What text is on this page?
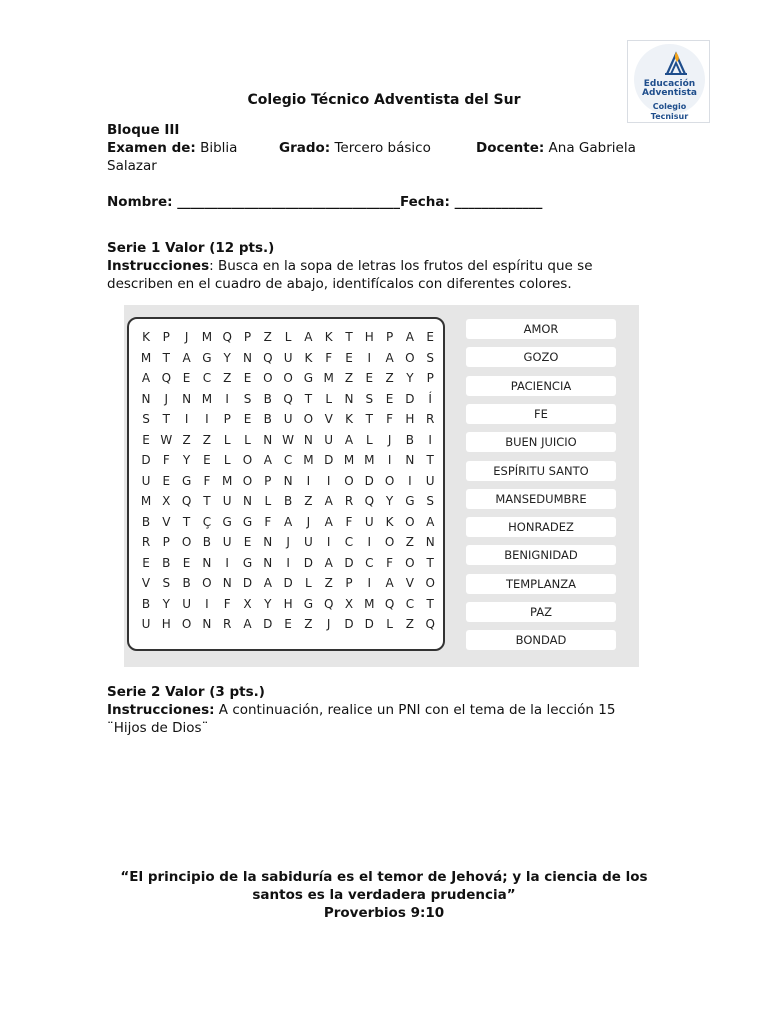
Educación
Adventista
Colegio Tecnisur
Colegio Técnico Adventista del Sur
Bloque III
Examen de: Biblia	Grado: Tercero básico	Docente: Ana Gabriela
Salazar
Nombre: _________________________________Fecha: _____________
Serie 1 Valor (12 pts.)
Instrucciones: Busca en la sopa de letras los frutos del espíritu que se
describen en el cuadro de abajo, identifícalos con diferentes colores.
K	P	J	M Q P	Z	L	A	K	T	H	P	A	E
M T	A G Y	N Q U K	F	E	I	A O S
A Q E	C Z	E O O G M Z	E	Z	Y	P
N	J	N M	I	S	B Q T	L	N	S	E D	Í
S	T	I	I	P	E	B U O V	K	T	F	H R
E W Z	Z	L	L	N W N U A	L	J	B	I
D	F	Y	E	L	O A C M D M M	I	N	T
U	E G	F M O P	N	I	I	O D O	I	U
M X Q T	U N	L	B	Z	A	R Q Y G S
B	V	T	Ç G G	F	A	J	A	F	U K O A
R	P O B U	E	N	J	U	I	C	I	O Z N
E	B	E	N	I	G N	I	D A D C	F	O T
V	S	B O N D A D	L	Z	P	I	A	V O
B	Y	U	I	F	X	Y	H G Q X M Q C	T
U H O N R	A D E	Z	J	D D	L	Z Q
AMOR
GOZO
PACIENCIA
FE
BUEN JUICIO
ESPÍRITU SANTO
MANSEDUMBRE
HONRADEZ
BENIGNIDAD
TEMPLANZA
PAZ
BONDAD
Serie 2 Valor (3 pts.)
Instrucciones: A continuación, realice un PNI con el tema de la lección 15
¨Hijos de Dios¨
“El principio de la sabiduría es el temor de Jehová; y la ciencia de los
santos es la verdadera prudencia”
Proverbios 9:10
